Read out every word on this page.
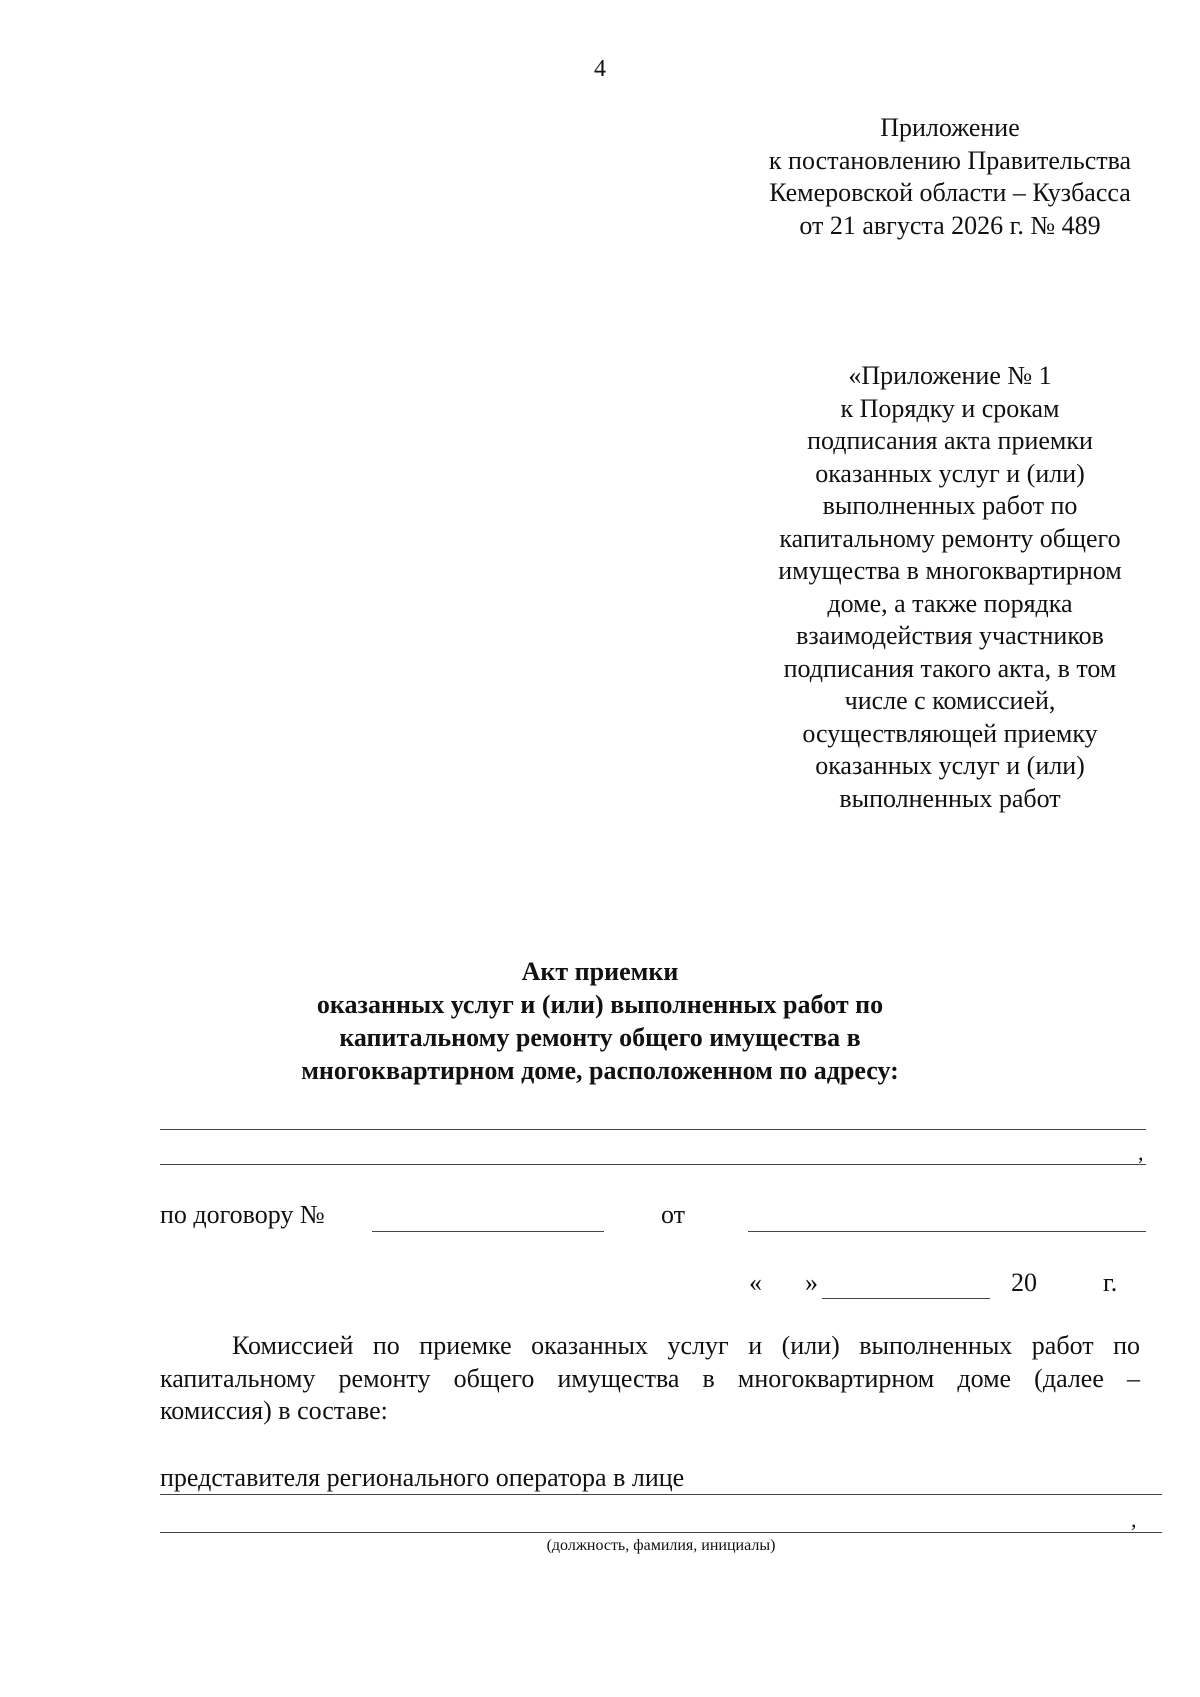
4
Приложение
к постановлению Правительства
Кемеровской области – Кузбасса
от 21 августа 2026 г. № 489
«Приложение № 1
к Порядку и срокам
подписания акта приемки
оказанных услуг и (или)
выполненных работ по
капитальному ремонту общего
имущества в многоквартирном
доме, а также порядка
взаимодействия участников
подписания такого акта, в том
числе с комиссией,
осуществляющей приемку
оказанных услуг и (или)
выполненных работ
Акт приемки
оказанных услуг и (или) выполненных работ по
капитальному ремонту общего имущества в
многоквартирном доме, расположенном по адресу:
,
по договору №	от
« »	20	г.
Комиссией по приемке оказанных услуг и (или) выполненных работ по
капитальному ремонту общего имущества в многоквартирном доме (далее –
комиссия) в составе:
представителя регионального оператора в лице
,
(должность, фамилия, инициалы)
